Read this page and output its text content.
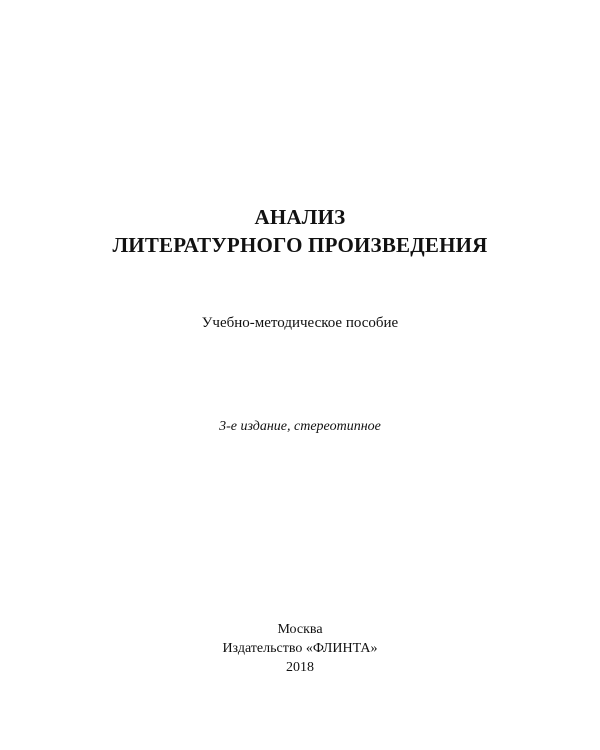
АНАЛИЗ
ЛИТЕРАТУРНОГО ПРОИЗВЕДЕНИЯ
Учебно-методическое пособие
3-е издание, стереотипное
Москва
Издательство «ФЛИНТА»
2018
